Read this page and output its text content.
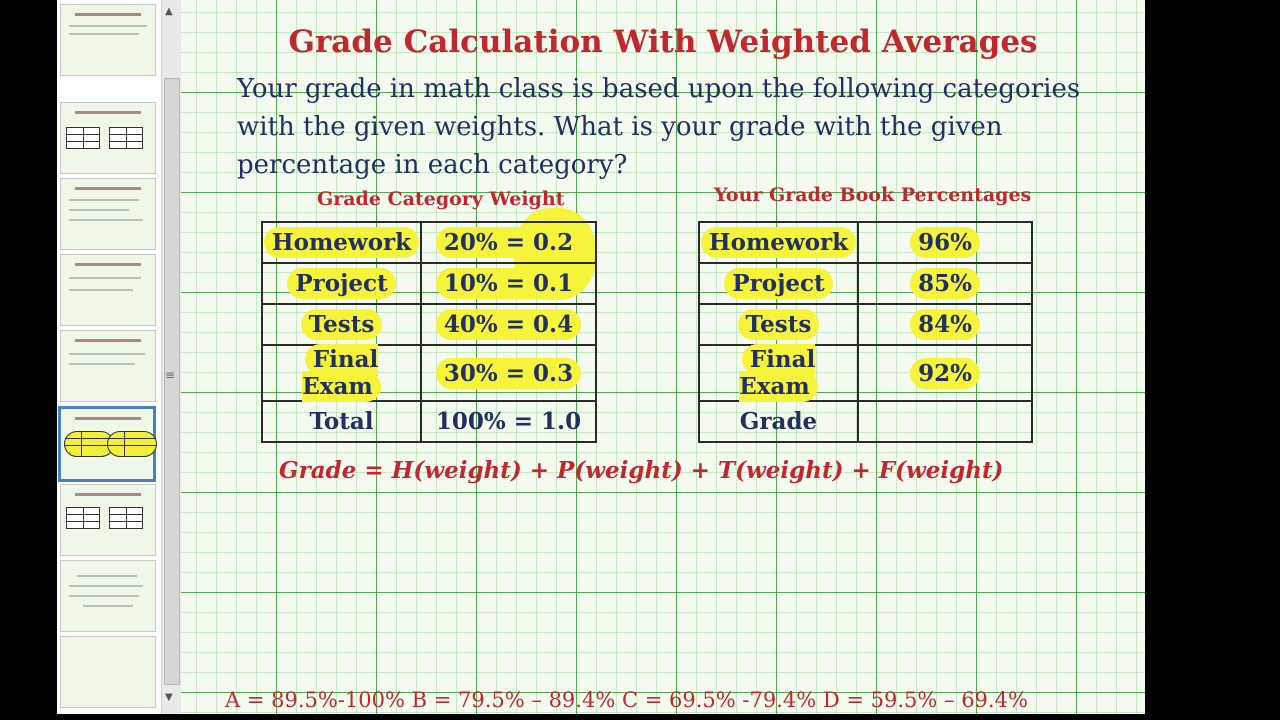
▲
≡
▼
Grade Calculation With Weighted Averages
Your grade in math class is based upon the following categories with the given weights. What is your grade with the given percentage in each category?
Grade Category Weight	Your Grade Book Percentages
Homework	20% = 0.2
Project	10% = 0.1
Tests	40% = 0.4
Final Exam	30% = 0.3
Total	100% = 1.0
Homework	96%
Project	85%
Tests	84%
Final Exam	92%
Grade	
Grade = H(weight) + P(weight) + T(weight) + F(weight)
A = 89.5%-100% B = 79.5% – 89.4% C = 69.5% -79.4% D = 59.5% – 69.4%
